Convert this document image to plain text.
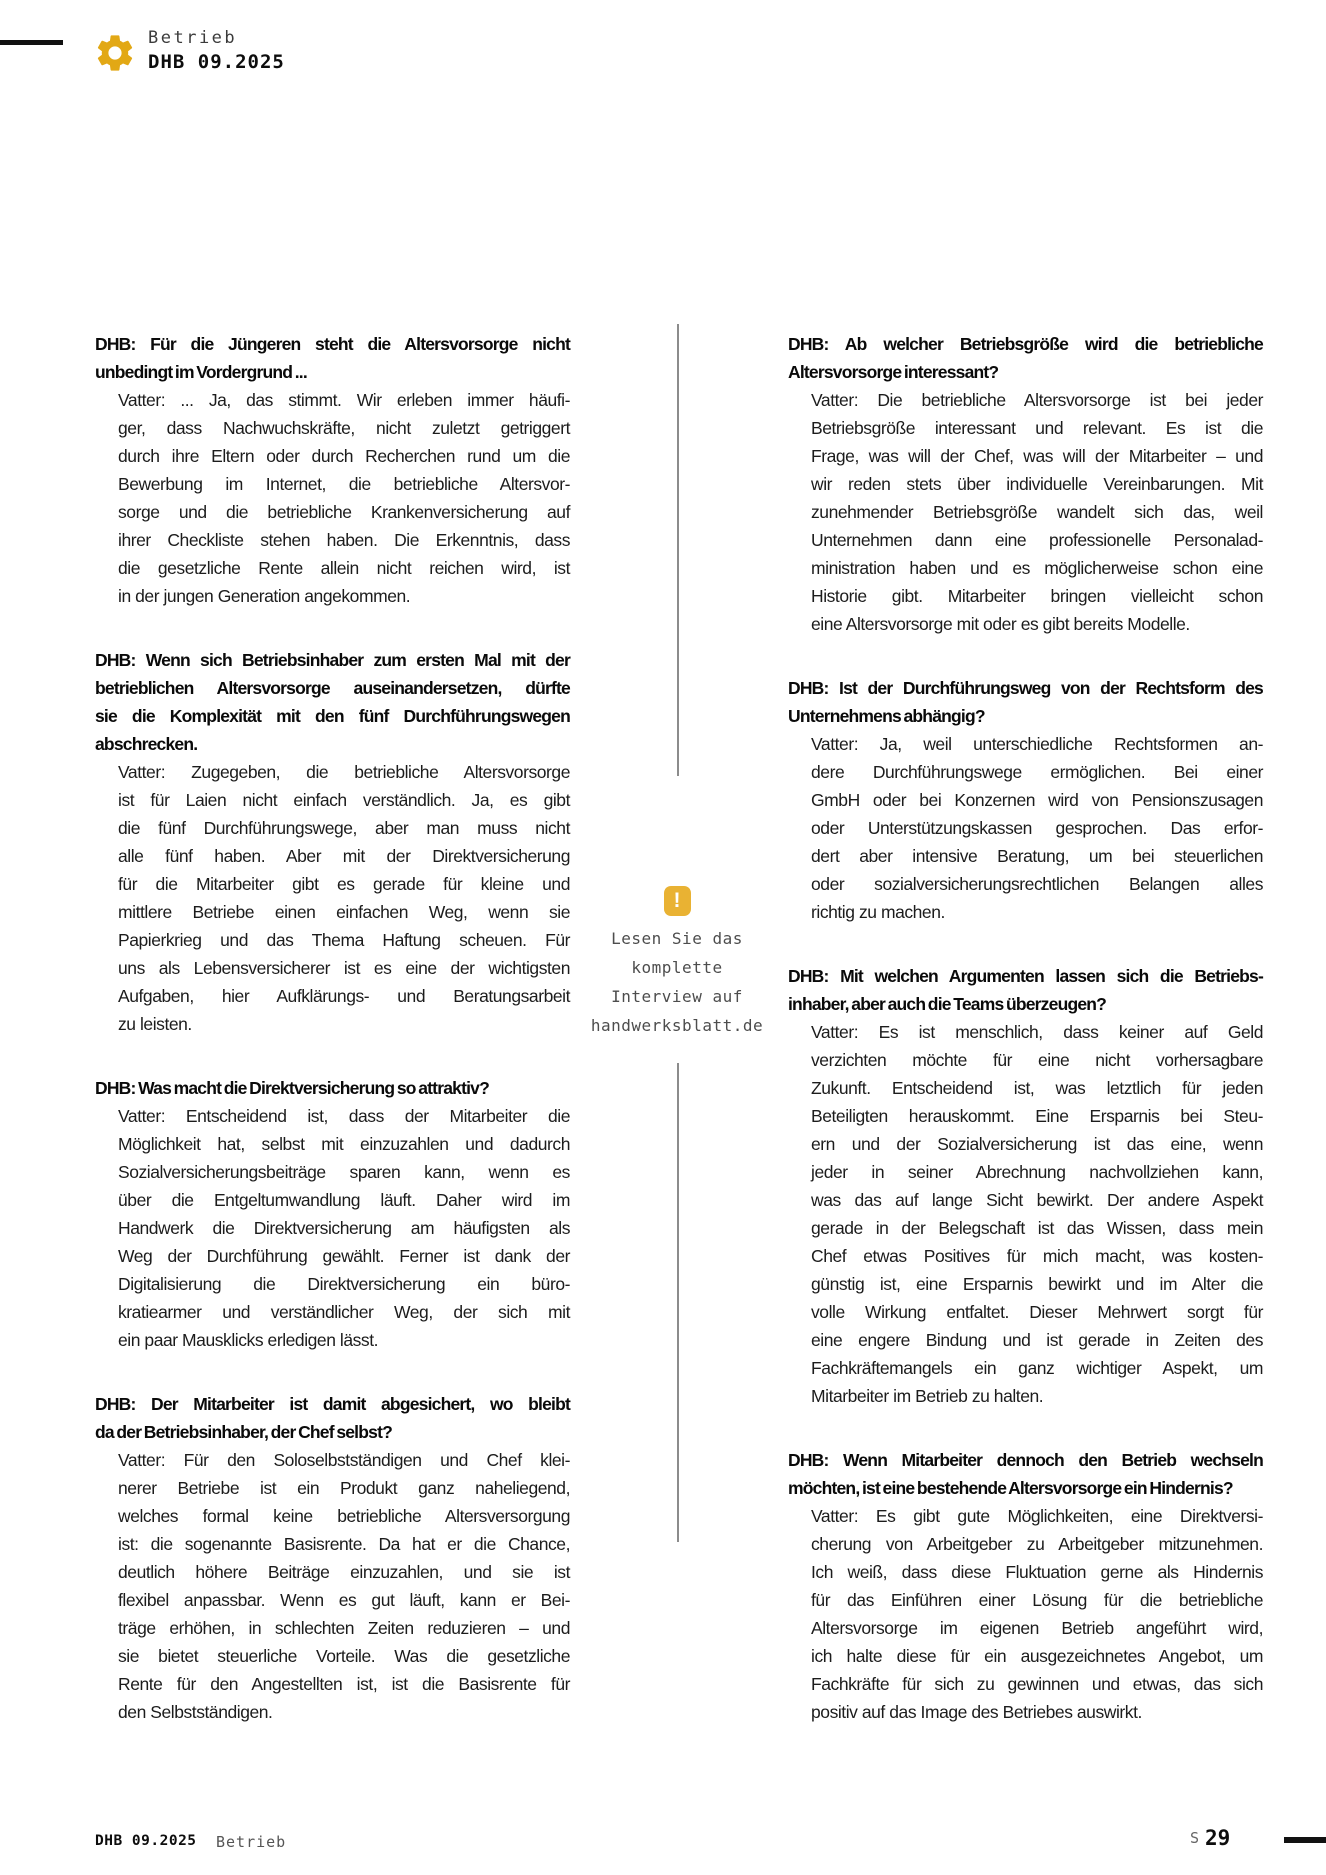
Betrieb
DHB 09.2025
DHB: Für die Jüngeren steht die Altersvorsorge nicht
unbedingt im Vordergrund ...
Vatter: ... Ja, das stimmt. Wir erleben immer häufi-
ger, dass Nachwuchskräfte, nicht zuletzt getriggert
durch ihre Eltern oder durch Recherchen rund um die
Bewerbung im Internet, die betriebliche Altersvor-
sorge und die betriebliche Krankenversicherung auf
ihrer Checkliste stehen haben. Die Erkenntnis, dass
die gesetzliche Rente allein nicht reichen wird, ist
in der jungen Generation angekommen.
DHB: Wenn sich Betriebsinhaber zum ersten Mal mit der
betrieblichen Altersvorsorge auseinandersetzen, dürfte
sie die Komplexität mit den fünf Durchführungswegen
abschrecken.
Vatter: Zugegeben, die betriebliche Altersvorsorge
ist für Laien nicht einfach verständlich. Ja, es gibt
die fünf Durchführungswege, aber man muss nicht
alle fünf haben. Aber mit der Direktversicherung
für die Mitarbeiter gibt es gerade für kleine und
mittlere Betriebe einen einfachen Weg, wenn sie
Papierkrieg und das Thema Haftung scheuen. Für
uns als Lebensversicherer ist es eine der wichtigsten
Aufgaben, hier Aufklärungs- und Beratungsarbeit
zu leisten.
DHB: Was macht die Direktversicherung so attraktiv?
Vatter: Entscheidend ist, dass der Mitarbeiter die
Möglichkeit hat, selbst mit einzuzahlen und dadurch
Sozialversicherungsbeiträge sparen kann, wenn es
über die Entgeltumwandlung läuft. Daher wird im
Handwerk die Direktversicherung am häufigsten als
Weg der Durchführung gewählt. Ferner ist dank der
Digitalisierung die Direktversicherung ein büro-
kratiearmer und verständlicher Weg, der sich mit
ein paar Mausklicks erledigen lässt.
DHB: Der Mitarbeiter ist damit abgesichert, wo bleibt
da der Betriebsinhaber, der Chef selbst?
Vatter: Für den Soloselbstständigen und Chef klei-
nerer Betriebe ist ein Produkt ganz naheliegend,
welches formal keine betriebliche Altersversorgung
ist: die sogenannte Basisrente. Da hat er die Chance,
deutlich höhere Beiträge einzuzahlen, und sie ist
flexibel anpassbar. Wenn es gut läuft, kann er Bei-
träge erhöhen, in schlechten Zeiten reduzieren – und
sie bietet steuerliche Vorteile. Was die gesetzliche
Rente für den Angestellten ist, ist die Basisrente für
den Selbstständigen.
DHB: Ab welcher Betriebsgröße wird die betriebliche
Altersvorsorge interessant?
Vatter: Die betriebliche Altersvorsorge ist bei jeder
Betriebsgröße interessant und relevant. Es ist die
Frage, was will der Chef, was will der Mitarbeiter – und
wir reden stets über individuelle Vereinbarungen. Mit
zunehmender Betriebsgröße wandelt sich das, weil
Unternehmen dann eine professionelle Personalad-
ministration haben und es möglicherweise schon eine
Historie gibt. Mitarbeiter bringen vielleicht schon
eine Altersvorsorge mit oder es gibt bereits Modelle.
DHB: Ist der Durchführungsweg von der Rechtsform des
Unternehmens abhängig?
Vatter: Ja, weil unterschiedliche Rechtsformen an-
dere Durchführungswege ermöglichen. Bei einer
GmbH oder bei Konzernen wird von Pensionszusagen
oder Unterstützungskassen gesprochen. Das erfor-
dert aber intensive Beratung, um bei steuerlichen
oder sozialversicherungsrechtlichen Belangen alles
richtig zu machen.
DHB: Mit welchen Argumenten lassen sich die Betriebs-
inhaber, aber auch die Teams überzeugen?
Vatter: Es ist menschlich, dass keiner auf Geld
verzichten möchte für eine nicht vorhersagbare
Zukunft. Entscheidend ist, was letztlich für jeden
Beteiligten herauskommt. Eine Ersparnis bei Steu-
ern und der Sozialversicherung ist das eine, wenn
jeder in seiner Abrechnung nachvollziehen kann,
was das auf lange Sicht bewirkt. Der andere Aspekt
gerade in der Belegschaft ist das Wissen, dass mein
Chef etwas Positives für mich macht, was kosten-
günstig ist, eine Ersparnis bewirkt und im Alter die
volle Wirkung entfaltet. Dieser Mehrwert sorgt für
eine engere Bindung und ist gerade in Zeiten des
Fachkräftemangels ein ganz wichtiger Aspekt, um
Mitarbeiter im Betrieb zu halten.
DHB: Wenn Mitarbeiter dennoch den Betrieb wechseln
möchten, ist eine bestehende Altersvorsorge ein Hindernis?
Vatter: Es gibt gute Möglichkeiten, eine Direktversi-
cherung von Arbeitgeber zu Arbeitgeber mitzunehmen.
Ich weiß, dass diese Fluktuation gerne als Hindernis
für das Einführen einer Lösung für die betriebliche
Altersvorsorge im eigenen Betrieb angeführt wird,
ich halte diese für ein ausgezeichnetes Angebot, um
Fachkräfte für sich zu gewinnen und etwas, das sich
positiv auf das Image des Betriebes auswirkt.
!
Lesen Sie das
komplette
Interview auf
handwerksblatt.de
DHB 09.2025 Betrieb	S 29
